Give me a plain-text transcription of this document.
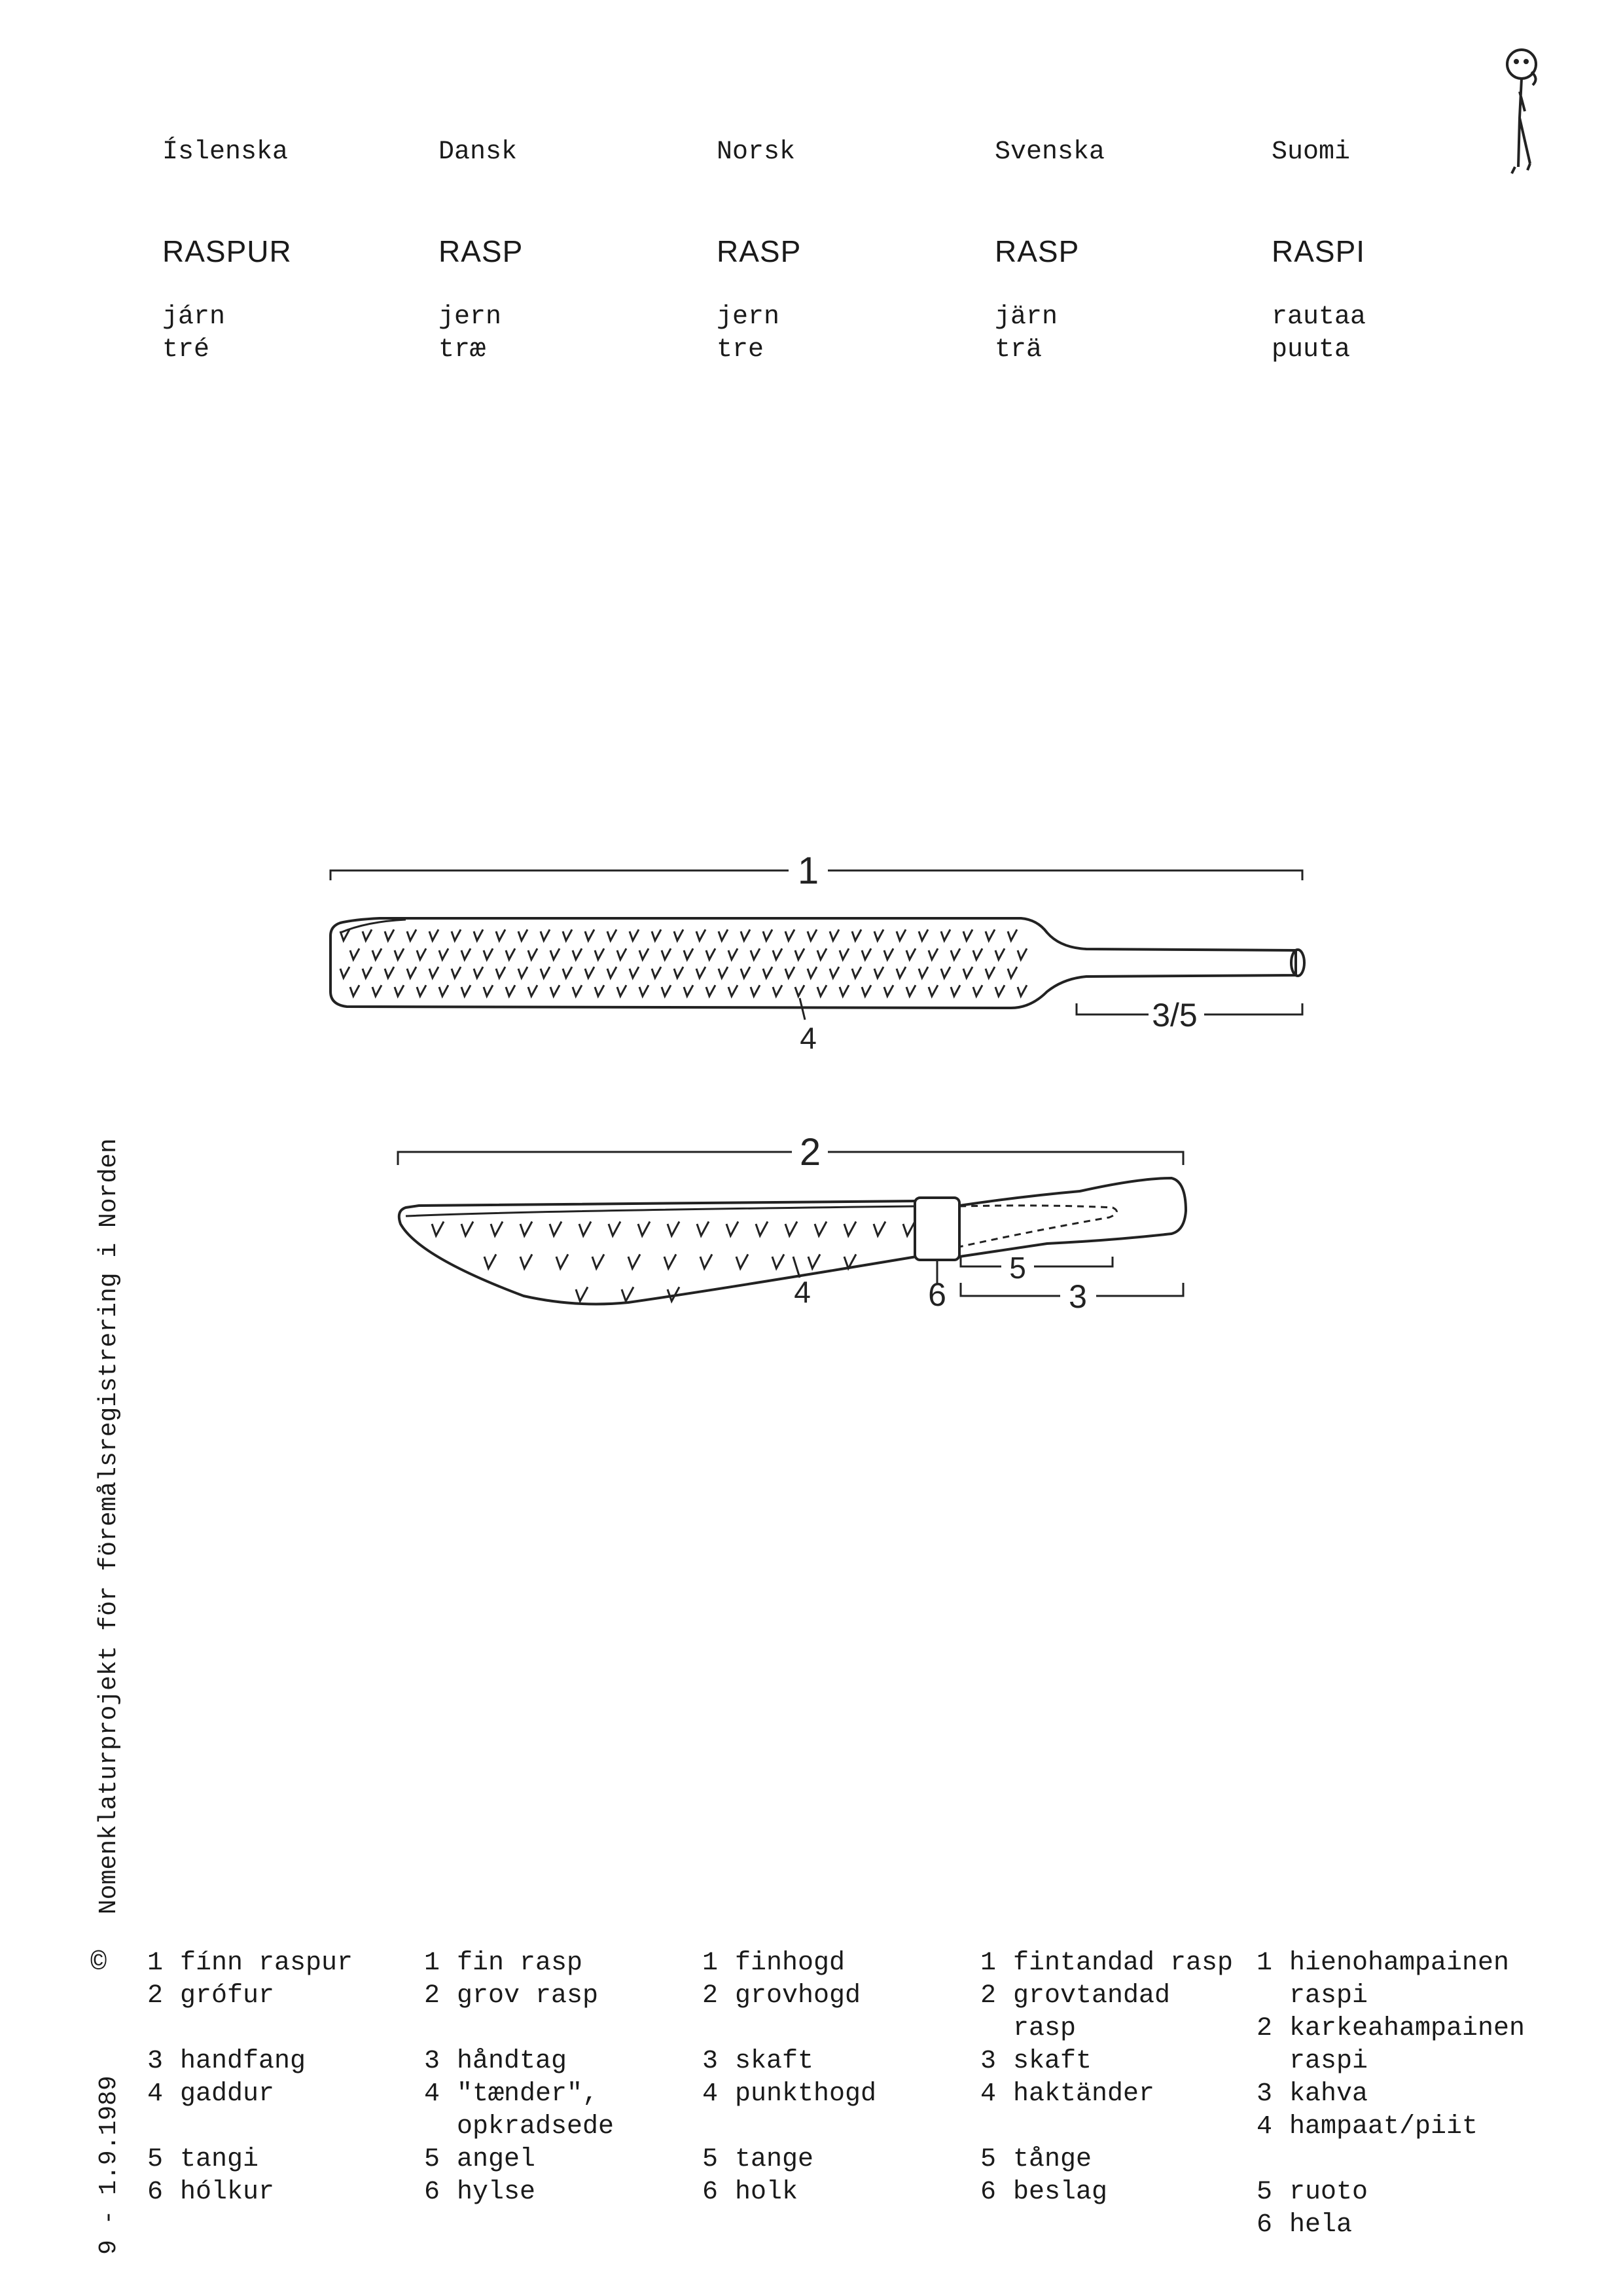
Íslenska
RASPUR
járn
tré
Dansk
RASP
jern
træ
Norsk
RASP
jern
tre
Svenska
RASP
järn
trä
Suomi
RASPI
rautaa
puuta
1
4
3/5
2
4	6
5
3
Nomenklaturprojekt för föremålsregistrering i Norden
©
9 - 1.9.1989
1 fínn raspur
2 grófur
3 handfang
4 gaddur
5 tangi
6 hólkur
1 fin rasp
2 grov rasp
3 håndtag
4 "tænder", opkradsede
5 angel
6 hylse
1 finhogd
2 grovhogd
3 skaft
4 punkthogd
5 tange
6 holk
1 fintandad rasp
2 grovtandad rasp
3 skaft
4 haktänder
5 tånge
6 beslag
1 hienohampainen raspi
2 karkeahampainen raspi
3 kahva
4 hampaat/piit
5 ruoto
6 hela
